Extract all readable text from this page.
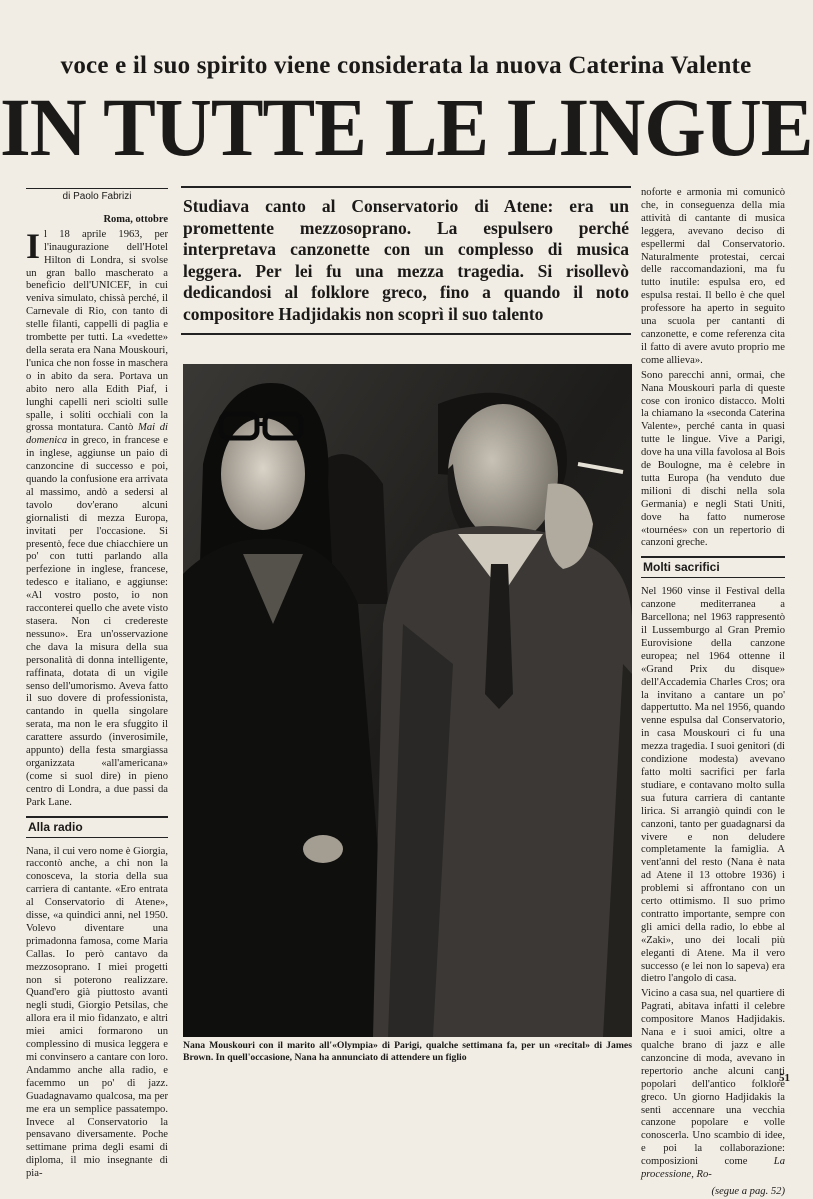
voce e il suo spirito viene considerata la nuova Caterina Valente
IN TUTTE LE LINGUE
di Paolo Fabrizi
Roma, ottobre

Il 18 aprile 1963, per l'inaugurazione dell'Hotel Hilton di Londra, si svolse un gran ballo mascherato a beneficio dell'UNICEF, in cui veniva simulato, chissà perché, il Carnevale di Rio, con tanto di stelle filanti, cappelli di paglia e trombette per tutti. La «vedette» della serata era Nana Mouskouri, l'unica che non fosse in maschera o in abito da sera. Portava un abito nero alla Edith Piaf, i lunghi capelli neri sciolti sulle spalle, i soliti occhiali con la grossa montatura. Cantò Mai di domenica in greco, in francese e in inglese, aggiunse un paio di canzoncine di successo e poi, quando la confusione era arrivata al massimo, andò a sedersi al tavolo dov'erano alcuni giornalisti di mezza Europa, invitati per l'occasione. Si presentò, fece due chiacchiere un po' con tutti parlando alla perfezione in inglese, francese, tedesco e italiano, e aggiunse: «Al vostro posto, io non racconterei quello che avete visto stasera. Non ci credereste nessuno». Era un'osservazione che dava la misura della sua personalità di donna intelligente, raffinata, dotata di un vigile senso dell'umorismo. Aveva fatto il suo dovere di professionista, cantando in quella singolare serata, ma non le era sfuggito il carattere assurdo (inverosimile, appunto) della festa smargiassa organizzata «all'americana» (come si suol dire) in pieno centro di Londra, a due passi da Park Lane.

Alla radio

Nana, il cui vero nome è Giorgia, raccontò anche, a chi non la conosceva, la storia della sua carriera di cantante. «Ero entrata al Conservatorio di Atene», disse, «a quindici anni, nel 1950. Volevo diventare una primadonna famosa, come Maria Callas. Io però cantavo da mezzosoprano. I miei progetti non si poterono realizzare. Quand'ero già piuttosto avanti negli studi, Giorgio Petsilas, che allora era il mio fidanzato, e altri miei amici formarono un complessino di musica leggera e mi convinsero a cantare con loro. Andammo anche alla radio, e facemmo un po' di jazz. Guadagnavamo qualcosa, ma per me era un semplice passatempo. Invece al Conservatorio la pensavano diversamente. Poche settimane prima degli esami di diploma, il mio insegnante di pia-

Studiava canto al Conservatorio di Atene: era un promettente mezzosoprano. La espulsero perché interpretava canzonette con un complesso di musica leggera. Per lei fu una mezza tragedia. Si risollevò dedicandosi al folklore greco, fino a quando il noto compositore Hadjidakis non scoprì il suo talento
Nana Mouskouri con il marito all'«Olympia» di Parigi, qualche settimana fa, per un «recital» di James Brown. In quell'occasione, Nana ha annunciato di attendere un figlio

noforte e armonia mi comunicò che, in conseguenza della mia attività di cantante di musica leggera, avevano deciso di espellermi dal Conservatorio. Naturalmente protestai, cercai delle raccomandazioni, ma fu tutto inutile: espulsa ero, ed espulsa restai. Il bello è che quel professore ha aperto in seguito una scuola per cantanti di canzonette, e come referenza cita il fatto di avere avuto proprio me come allieva».

Sono parecchi anni, ormai, che Nana Mouskouri parla di queste cose con ironico distacco. Molti la chiamano la «seconda Caterina Valente», perché canta in quasi tutte le lingue. Vive a Parigi, dove ha una villa favolosa al Bois de Boulogne, ma è celebre in tutta Europa (ha venduto due milioni di dischi nella sola Germania) e negli Stati Uniti, dove ha fatto numerose «tournées» con un repertorio di canzoni greche.

Molti sacrifici

Nel 1960 vinse il Festival della canzone mediterranea a Barcellona; nel 1963 rappresentò il Lussemburgo al Gran Premio Eurovisione della canzone europea; nel 1964 ottenne il «Grand Prix du disque» dell'Accademia Charles Cros; ora la invitano a cantare un po' dappertutto. Ma nel 1956, quando venne espulsa dal Conservatorio, in casa Mouskouri ci fu una mezza tragedia. I suoi genitori (di condizione modesta) avevano fatto molti sacrifici per farla studiare, e contavano molto sulla sua futura carriera di cantante lirica. Si arrangiò quindi con le canzoni, tanto per guadagnarsi da vivere e non deludere completamente la famiglia. A vent'anni del resto (Nana è nata ad Atene il 13 ottobre 1936) i problemi si affrontano con un certo ottimismo. Il suo primo contratto importante, sempre con gli amici della radio, lo ebbe al «Zaki», uno dei locali più eleganti di Atene. Ma il vero successo (e lei non lo sapeva) era dietro l'angolo di casa.

Vicino a casa sua, nel quartiere di Pagrati, abitava infatti il celebre compositore Manos Hadjidakis. Nana e i suoi amici, oltre a qualche brano di jazz e alle canzoncine di moda, avevano in repertorio anche alcuni canti popolari dell'antico folklore greco. Un giorno Hadjidakis la sentì accennare una vecchia canzone popolare e volle conoscerla. Uno scambio di idee, e poi la collaborazione: composizioni come La processione, Ro-

(segue a pag. 52)
51
